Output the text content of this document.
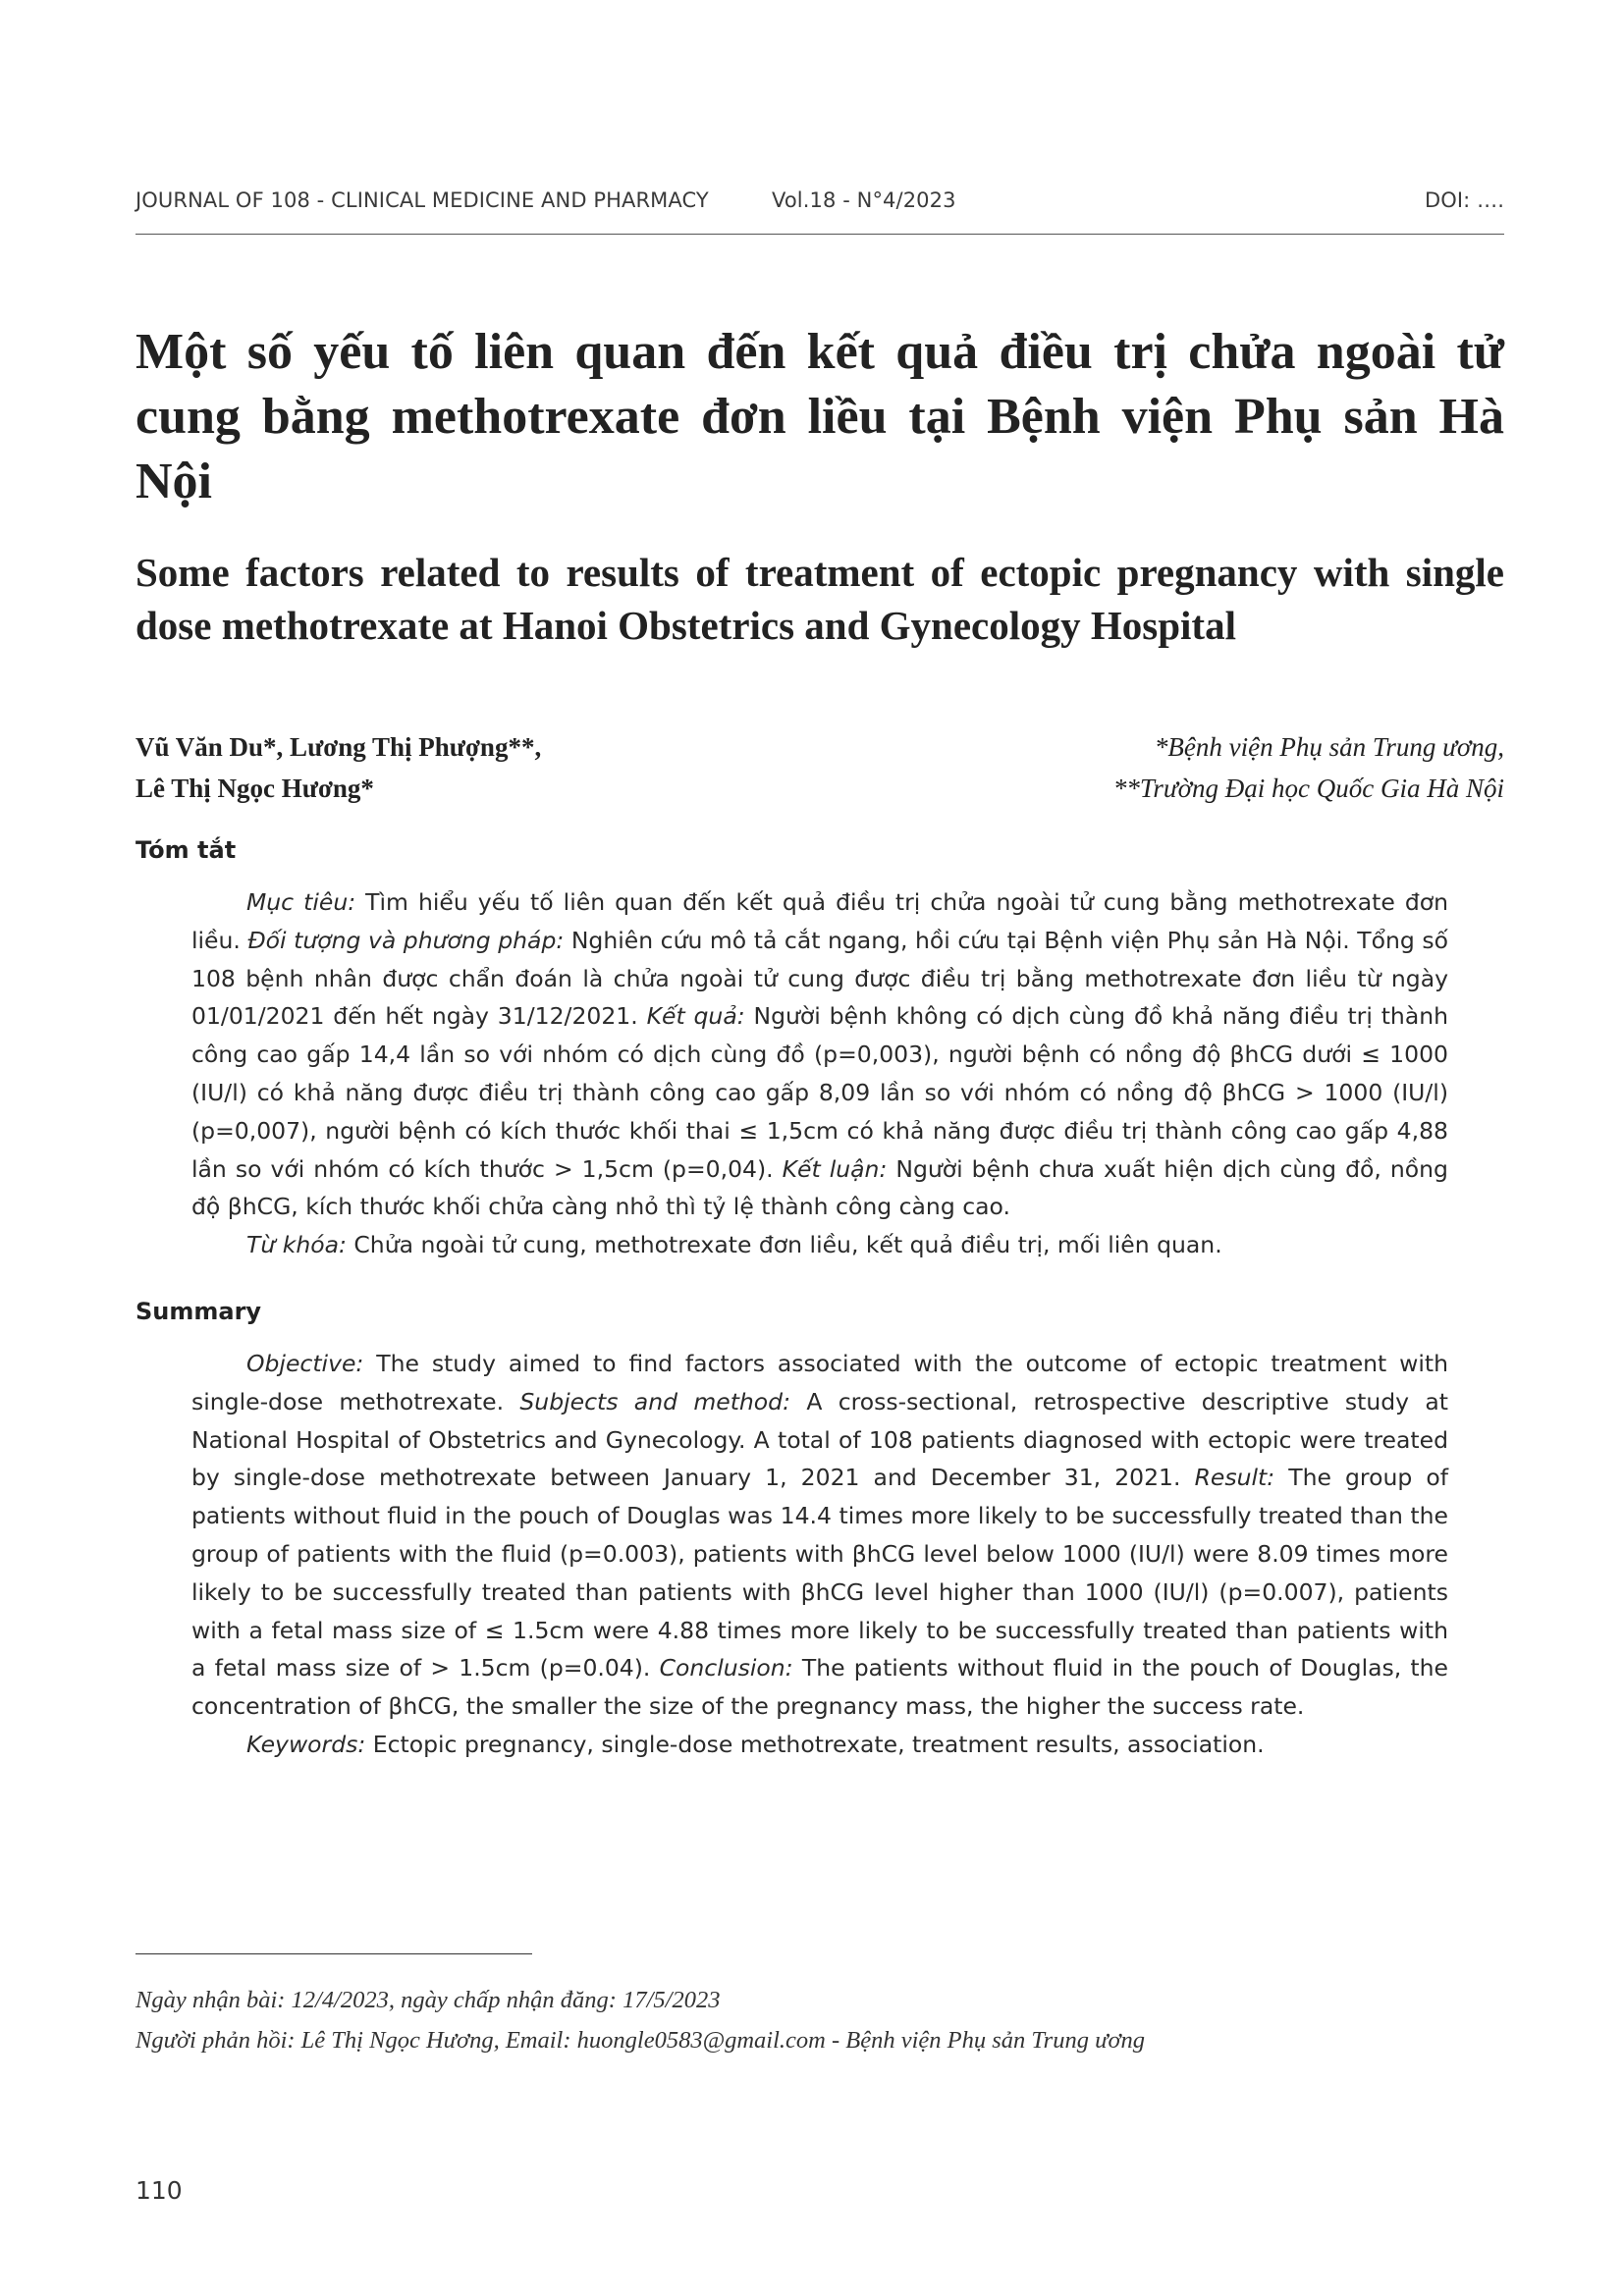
JOURNAL OF 108 - CLINICAL MEDICINE AND PHARMACY	Vol.18 - N°4/2023	DOI: ….
Một số yếu tố liên quan đến kết quả điều trị chửa ngoài tử cung bằng methotrexate đơn liều tại Bệnh viện Phụ sản Hà Nội
Some factors related to results of treatment of ectopic pregnancy with single dose methotrexate at Hanoi Obstetrics and Gynecology Hospital
Vũ Văn Du*, Lương Thị Phượng**,
Lê Thị Ngọc Hương*
*Bệnh viện Phụ sản Trung ương,
**Trường Đại học Quốc Gia Hà Nội
Tóm tắt

Mục tiêu: Tìm hiểu yếu tố liên quan đến kết quả điều trị chửa ngoài tử cung bằng methotrexate đơn liều. Đối tượng và phương pháp: Nghiên cứu mô tả cắt ngang, hồi cứu tại Bệnh viện Phụ sản Hà Nội. Tổng số 108 bệnh nhân được chẩn đoán là chửa ngoài tử cung được điều trị bằng methotrexate đơn liều từ ngày 01/01/2021 đến hết ngày 31/12/2021. Kết quả: Người bệnh không có dịch cùng đồ khả năng điều trị thành công cao gấp 14,4 lần so với nhóm có dịch cùng đồ (p=0,003), người bệnh có nồng độ βhCG dưới ≤ 1000 (IU/l) có khả năng được điều trị thành công cao gấp 8,09 lần so với nhóm có nồng độ βhCG > 1000 (IU/l) (p=0,007), người bệnh có kích thước khối thai ≤ 1,5cm có khả năng được điều trị thành công cao gấp 4,88 lần so với nhóm có kích thước > 1,5cm (p=0,04). Kết luận: Người bệnh chưa xuất hiện dịch cùng đồ, nồng độ βhCG, kích thước khối chửa càng nhỏ thì tỷ lệ thành công càng cao.

Từ khóa: Chửa ngoài tử cung, methotrexate đơn liều, kết quả điều trị, mối liên quan.

Summary

Objective: The study aimed to find factors associated with the outcome of ectopic treatment with single-dose methotrexate. Subjects and method: A cross-sectional, retrospective descriptive study at National Hospital of Obstetrics and Gynecology. A total of 108 patients diagnosed with ectopic were treated by single-dose methotrexate between January 1, 2021 and December 31, 2021. Result: The group of patients without fluid in the pouch of Douglas was 14.4 times more likely to be successfully treated than the group of patients with the fluid (p=0.003), patients with βhCG level below 1000 (IU/l) were 8.09 times more likely to be successfully treated than patients with βhCG level higher than 1000 (IU/l) (p=0.007), patients with a fetal mass size of ≤ 1.5cm were 4.88 times more likely to be successfully treated than patients with a fetal mass size of > 1.5cm (p=0.04). Conclusion: The patients without fluid in the pouch of Douglas, the concentration of βhCG, the smaller the size of the pregnancy mass, the higher the success rate.

Keywords: Ectopic pregnancy, single-dose methotrexate, treatment results, association.

Ngày nhận bài: 12/4/2023, ngày chấp nhận đăng: 17/5/2023
Người phản hồi: Lê Thị Ngọc Hương, Email: huongle0583@gmail.com - Bệnh viện Phụ sản Trung ương
110
